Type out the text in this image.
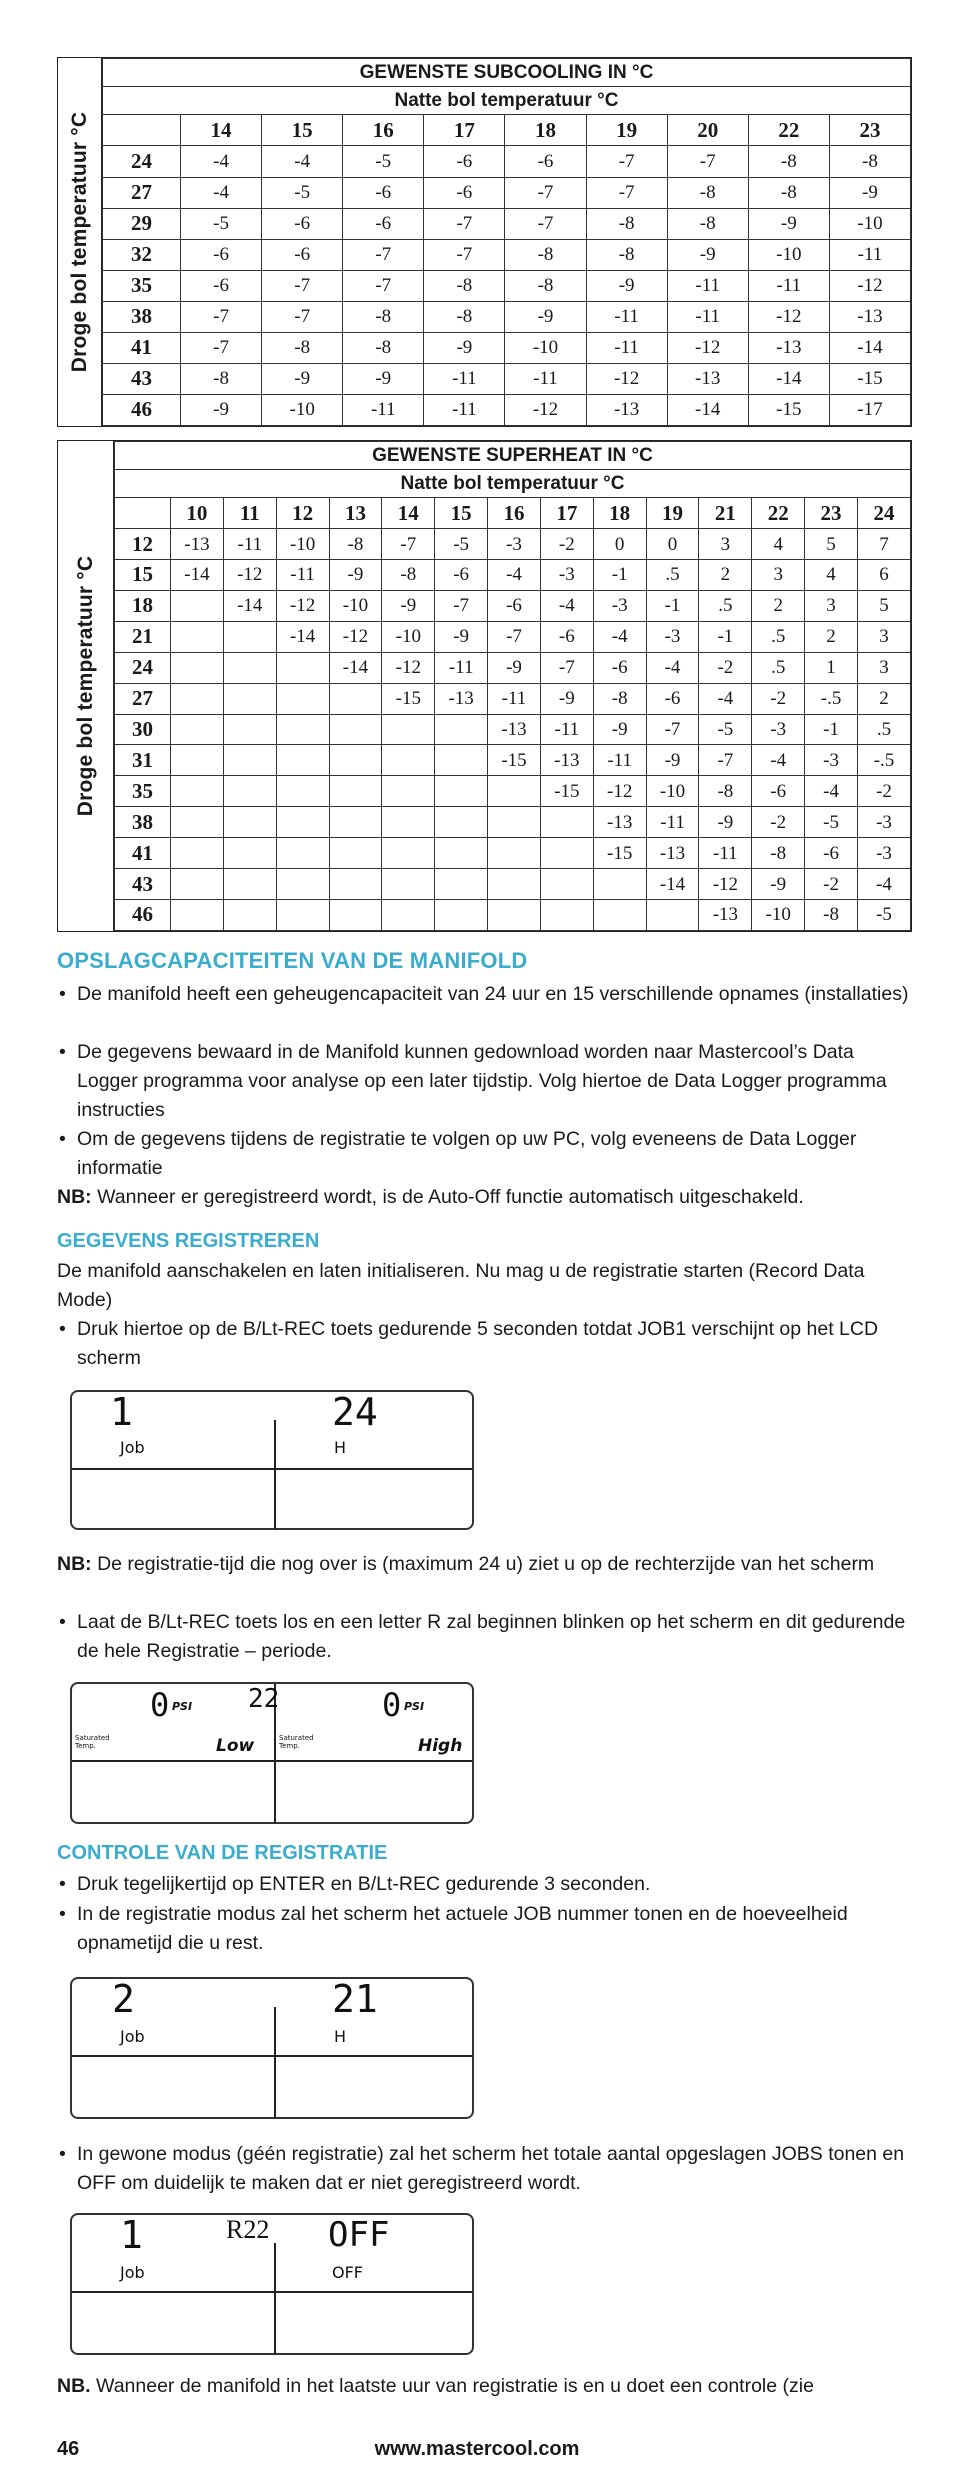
Droge bol temperatuur °C
GEWENSTE SUBCOOLING IN °C									
Natte bol temperatuur °C									
	14	15	16	17	18	19	20	22	23
24	-4	-4	-5	-6	-6	-7	-7	-8	-8
27	-4	-5	-6	-6	-7	-7	-8	-8	-9
29	-5	-6	-6	-7	-7	-8	-8	-9	-10
32	-6	-6	-7	-7	-8	-8	-9	-10	-11
35	-6	-7	-7	-8	-8	-9	-11	-11	-12
38	-7	-7	-8	-8	-9	-11	-11	-12	-13
41	-7	-8	-8	-9	-10	-11	-12	-13	-14
43	-8	-9	-9	-11	-11	-12	-13	-14	-15
46	-9	-10	-11	-11	-12	-13	-14	-15	-17
Droge bol temperatuur °C
GEWENSTE SUPERHEAT IN °C														
Natte bol temperatuur °C														
	10	11	12	13	14	15	16	17	18	19	21	22	23	24
12	-13	-11	-10	-8	-7	-5	-3	-2	0	0	3	4	5	7
15	-14	-12	-11	-9	-8	-6	-4	-3	-1	.5	2	3	4	6
18		-14	-12	-10	-9	-7	-6	-4	-3	-1	.5	2	3	5
21			-14	-12	-10	-9	-7	-6	-4	-3	-1	.5	2	3
24				-14	-12	-11	-9	-7	-6	-4	-2	.5	1	3
27					-15	-13	-11	-9	-8	-6	-4	-2	-.5	2
30							-13	-11	-9	-7	-5	-3	-1	.5
31							-15	-13	-11	-9	-7	-4	-3	-.5
35								-15	-12	-10	-8	-6	-4	-2
38									-13	-11	-9	-2	-5	-3
41									-15	-13	-11	-8	-6	-3
43										-14	-12	-9	-2	-4
46											-13	-10	-8	-5
OPSLAGCAPACITEITEN VAN DE MANIFOLD
• De manifold heeft een geheugencapaciteit van 24 uur en 15 verschillende opnames (installaties)
• De gegevens bewaard in de Manifold kunnen gedownload worden naar Mastercool’s Data Logger programma voor analyse op een later tijdstip. Volg hiertoe de Data Logger programma instructies
• Om de gegevens tijdens de registratie te volgen op uw PC, volg eveneens de Data Logger informatie
NB: Wanneer er geregistreerd wordt, is de Auto-Off functie automatisch uitgeschakeld.
GEGEVENS REGISTREREN
De manifold aanschakelen en laten initialiseren. Nu mag u de registratie starten (Record Data Mode)
• Druk hiertoe op de B/Lt-REC toets gedurende 5 seconden totdat JOB1 verschijnt op het LCD scherm
1
Job
24
H
NB: De registratie-tijd die nog over is (maximum 24 u) ziet u op de rechterzijde van het scherm
• Laat de B/Lt-REC toets los en een letter R zal beginnen blinken op het scherm en dit gedurende de hele Registratie – periode.
0 PSI 22
Saturated Temp.	Low
0 PSI
Saturated Temp.	High
CONTROLE VAN DE REGISTRATIE
• Druk tegelijkertijd op ENTER en B/Lt-REC gedurende 3 seconden.
• In de registratie modus zal het scherm het actuele JOB nummer tonen en de hoeveelheid opnametijd die u rest.
2
Job
21
H
• In gewone modus (géén registratie) zal het scherm het totale aantal opgeslagen JOBS tonen en OFF om duidelijk te maken dat er niet geregistreerd wordt.
1	R22
Job
OFF
OFF
NB. Wanneer de manifold in het laatste uur van registratie is en u doet een controle (zie
www.mastercool.com
46
